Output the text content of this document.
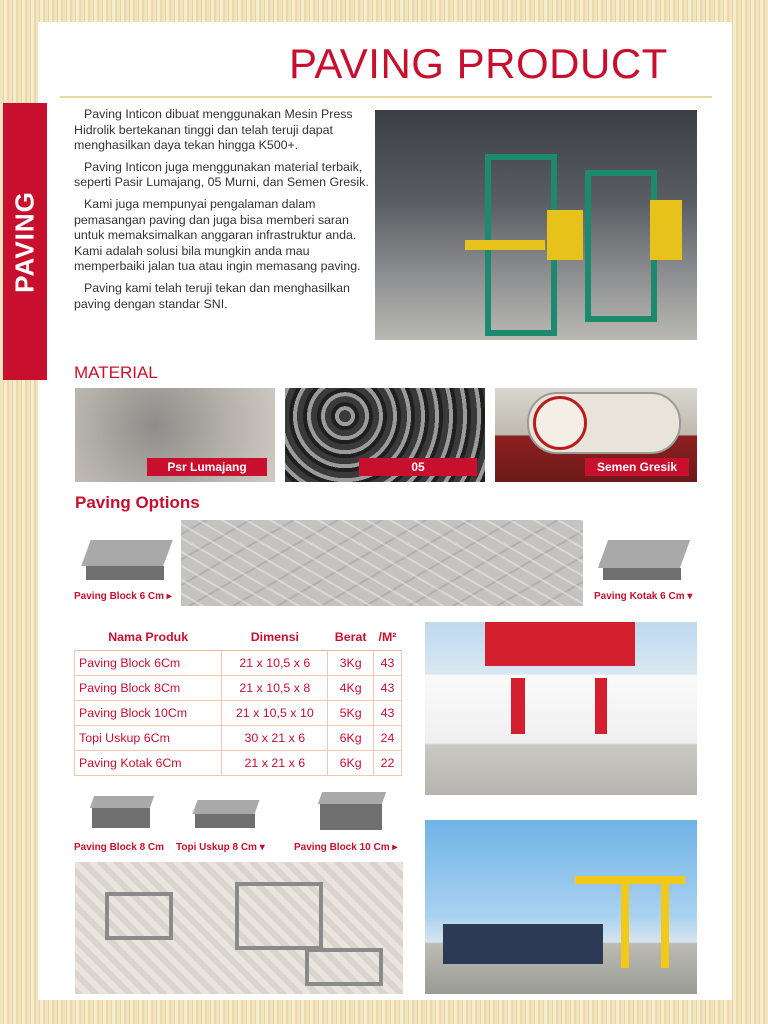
PAVING
PAVING PRODUCT

Paving Inticon dibuat menggunakan Mesin Press Hidrolik bertekanan tinggi dan telah teruji dapat menghasilkan daya tekan hingga K500+.

Paving Inticon juga menggunakan material terbaik, seperti Pasir Lumajang, 05 Murni, dan Semen Gresik.

Kami juga mempunyai pengalaman dalam pemasangan paving dan juga bisa memberi saran untuk memaksimalkan anggaran infrastruktur anda. Kami adalah solusi bila mungkin anda mau memperbaiki jalan tua atau ingin memasang paving.

Paving kami telah teruji tekan dan menghasilkan paving dengan standar SNI.

MATERIAL
Psr Lumajang	05	Semen Gresik
Paving Options
Paving Block 6 Cm ▸	Paving Kotak 6 Cm ▾
Nama Produk	Dimensi	Berat	/M²
Paving Block 6Cm	21 x 10,5 x 6	3Kg	43
Paving Block 8Cm	21 x 10,5 x 8	4Kg	43
Paving Block 10Cm	21 x 10,5 x 10	5Kg	43
Topi Uskup 6Cm	30 x 21 x 6	6Kg	24
Paving Kotak 6Cm	21 x 21 x 6	6Kg	22
Paving Block 8 Cm Topi Uskup 8 Cm ▾	Paving Block 10 Cm ▸
